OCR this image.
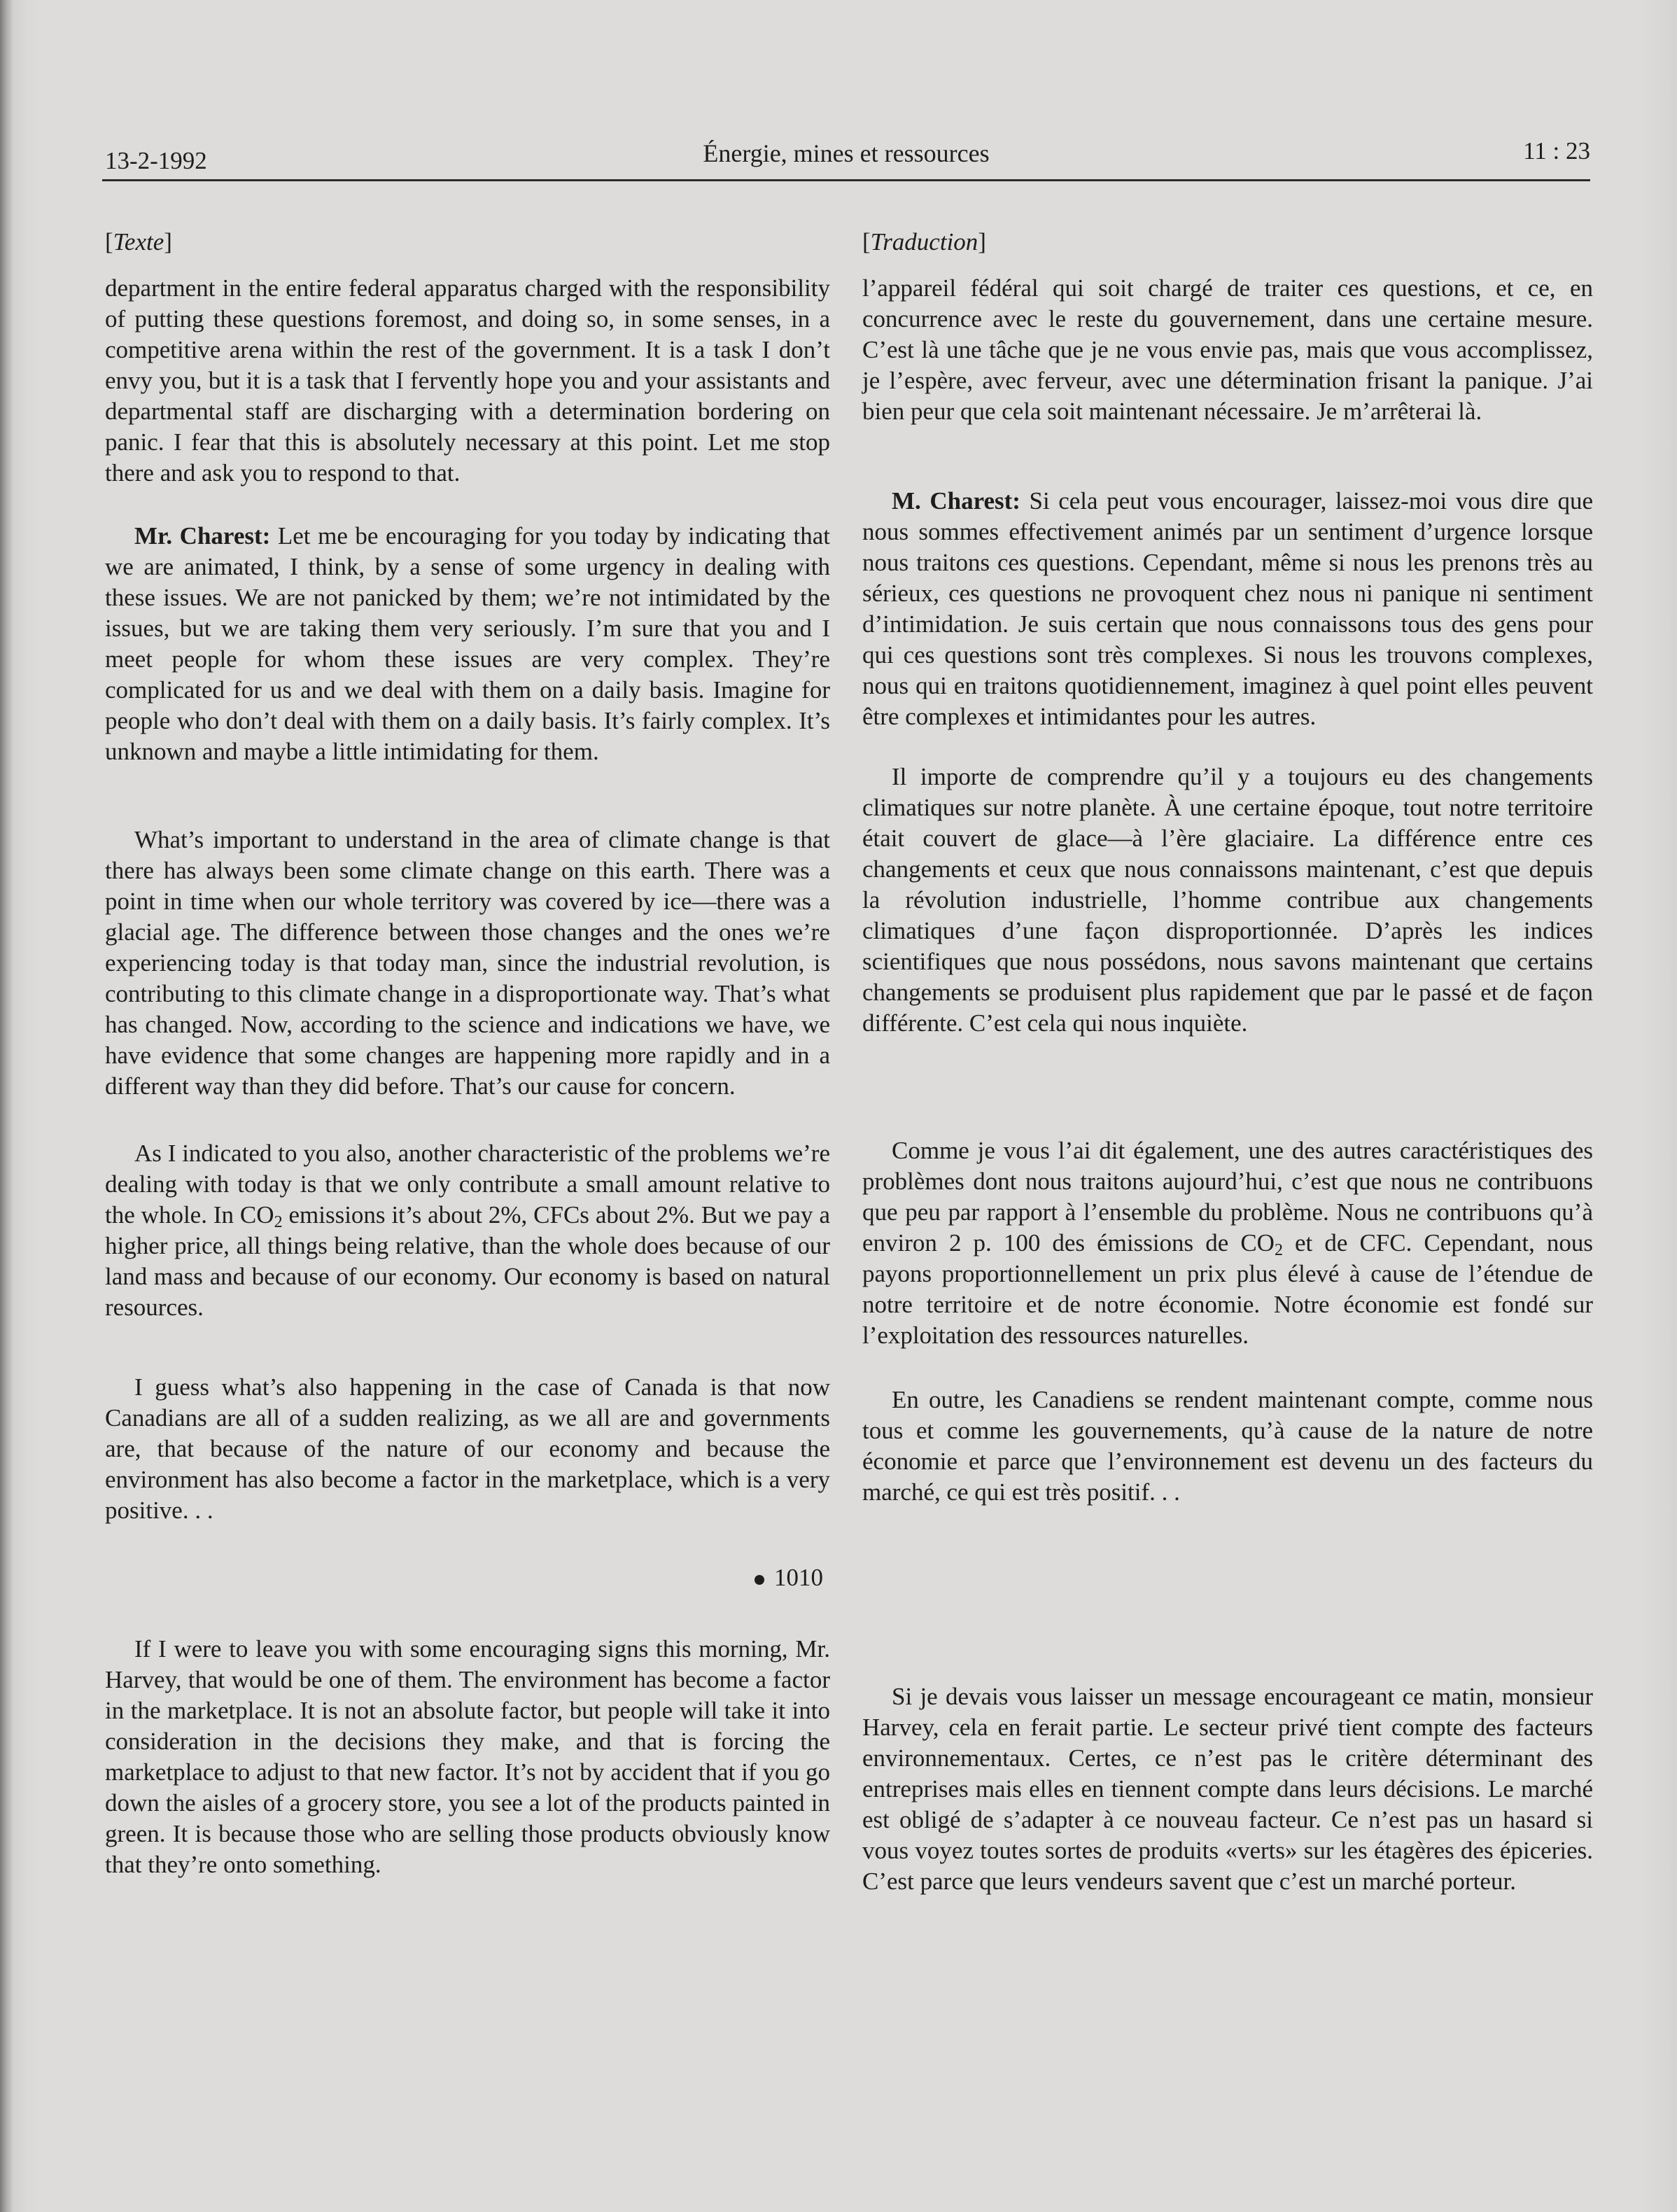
13-2-1992	Énergie, mines et ressources	11 : 23
[Texte]

department in the entire federal apparatus charged with the responsibility of putting these questions foremost, and doing so, in some senses, in a competitive arena within the rest of the government. It is a task I don’t envy you, but it is a task that I fervently hope you and your assistants and departmental staff are discharging with a determination bordering on panic. I fear that this is absolutely necessary at this point. Let me stop there and ask you to respond to that.

Mr. Charest: Let me be encouraging for you today by indicating that we are animated, I think, by a sense of some urgency in dealing with these issues. We are not panicked by them; we’re not intimidated by the issues, but we are taking them very seriously. I’m sure that you and I meet people for whom these issues are very complex. They’re complicated for us and we deal with them on a daily basis. Imagine for people who don’t deal with them on a daily basis. It’s fairly complex. It’s unknown and maybe a little intimidating for them.

What’s important to understand in the area of climate change is that there has always been some climate change on this earth. There was a point in time when our whole territory was covered by ice—there was a glacial age. The difference between those changes and the ones we’re experiencing today is that today man, since the industrial revolution, is contributing to this climate change in a disproportionate way. That’s what has changed. Now, according to the science and indications we have, we have evidence that some changes are happening more rapidly and in a different way than they did before. That’s our cause for concern.

As I indicated to you also, another characteristic of the problems we’re dealing with today is that we only contribute a small amount relative to the whole. In $CO_2$ emissions it’s about 2%, CFCs about 2%. But we pay a higher price, all things being relative, than the whole does because of our land mass and because of our economy. Our economy is based on natural resources.

I guess what’s also happening in the case of Canada is that now Canadians are all of a sudden realizing, as we all are and governments are, that because of the nature of our economy and because the environment has also become a factor in the marketplace, which is a very positive. . .

1010

If I were to leave you with some encouraging signs this morning, Mr. Harvey, that would be one of them. The environment has become a factor in the marketplace. It is not an absolute factor, but people will take it into consideration in the decisions they make, and that is forcing the marketplace to adjust to that new factor. It’s not by accident that if you go down the aisles of a grocery store, you see a lot of the products painted in green. It is because those who are selling those products obviously know that they’re onto something.

[Traduction]

l’appareil fédéral qui soit chargé de traiter ces questions, et ce, en concurrence avec le reste du gouvernement, dans une certaine mesure. C’est là une tâche que je ne vous envie pas, mais que vous accomplissez, je l’espère, avec ferveur, avec une détermination frisant la panique. J’ai bien peur que cela soit maintenant nécessaire. Je m’arrêterai là.

M. Charest: Si cela peut vous encourager, laissez-moi vous dire que nous sommes effectivement animés par un sentiment d’urgence lorsque nous traitons ces questions. Cependant, même si nous les prenons très au sérieux, ces questions ne provoquent chez nous ni panique ni sentiment d’intimidation. Je suis certain que nous connaissons tous des gens pour qui ces questions sont très complexes. Si nous les trouvons complexes, nous qui en traitons quotidiennement, imaginez à quel point elles peuvent être complexes et intimidantes pour les autres.

Il importe de comprendre qu’il y a toujours eu des changements climatiques sur notre planète. À une certaine époque, tout notre territoire était couvert de glace—à l’ère glaciaire. La différence entre ces changements et ceux que nous connaissons maintenant, c’est que depuis la révolution industrielle, l’homme contribue aux changements climatiques d’une façon disproportionnée. D’après les indices scientifiques que nous possédons, nous savons maintenant que certains changements se produisent plus rapidement que par le passé et de façon différente. C’est cela qui nous inquiète.

Comme je vous l’ai dit également, une des autres caractéristiques des problèmes dont nous traitons aujourd’hui, c’est que nous ne contribuons que peu par rapport à l’ensemble du problème. Nous ne contribuons qu’à environ 2 p. 100 des émissions de $CO_2$ et de CFC. Cependant, nous payons proportionnellement un prix plus élevé à cause de l’étendue de notre territoire et de notre économie. Notre économie est fondé sur l’exploitation des ressources naturelles.

En outre, les Canadiens se rendent maintenant compte, comme nous tous et comme les gouvernements, qu’à cause de la nature de notre économie et parce que l’environnement est devenu un des facteurs du marché, ce qui est très positif. . .

Si je devais vous laisser un message encourageant ce matin, monsieur Harvey, cela en ferait partie. Le secteur privé tient compte des facteurs environnementaux. Certes, ce n’est pas le critère déterminant des entreprises mais elles en tiennent compte dans leurs décisions. Le marché est obligé de s’adapter à ce nouveau facteur. Ce n’est pas un hasard si vous voyez toutes sortes de produits «verts» sur les étagères des épiceries. C’est parce que leurs vendeurs savent que c’est un marché porteur.
